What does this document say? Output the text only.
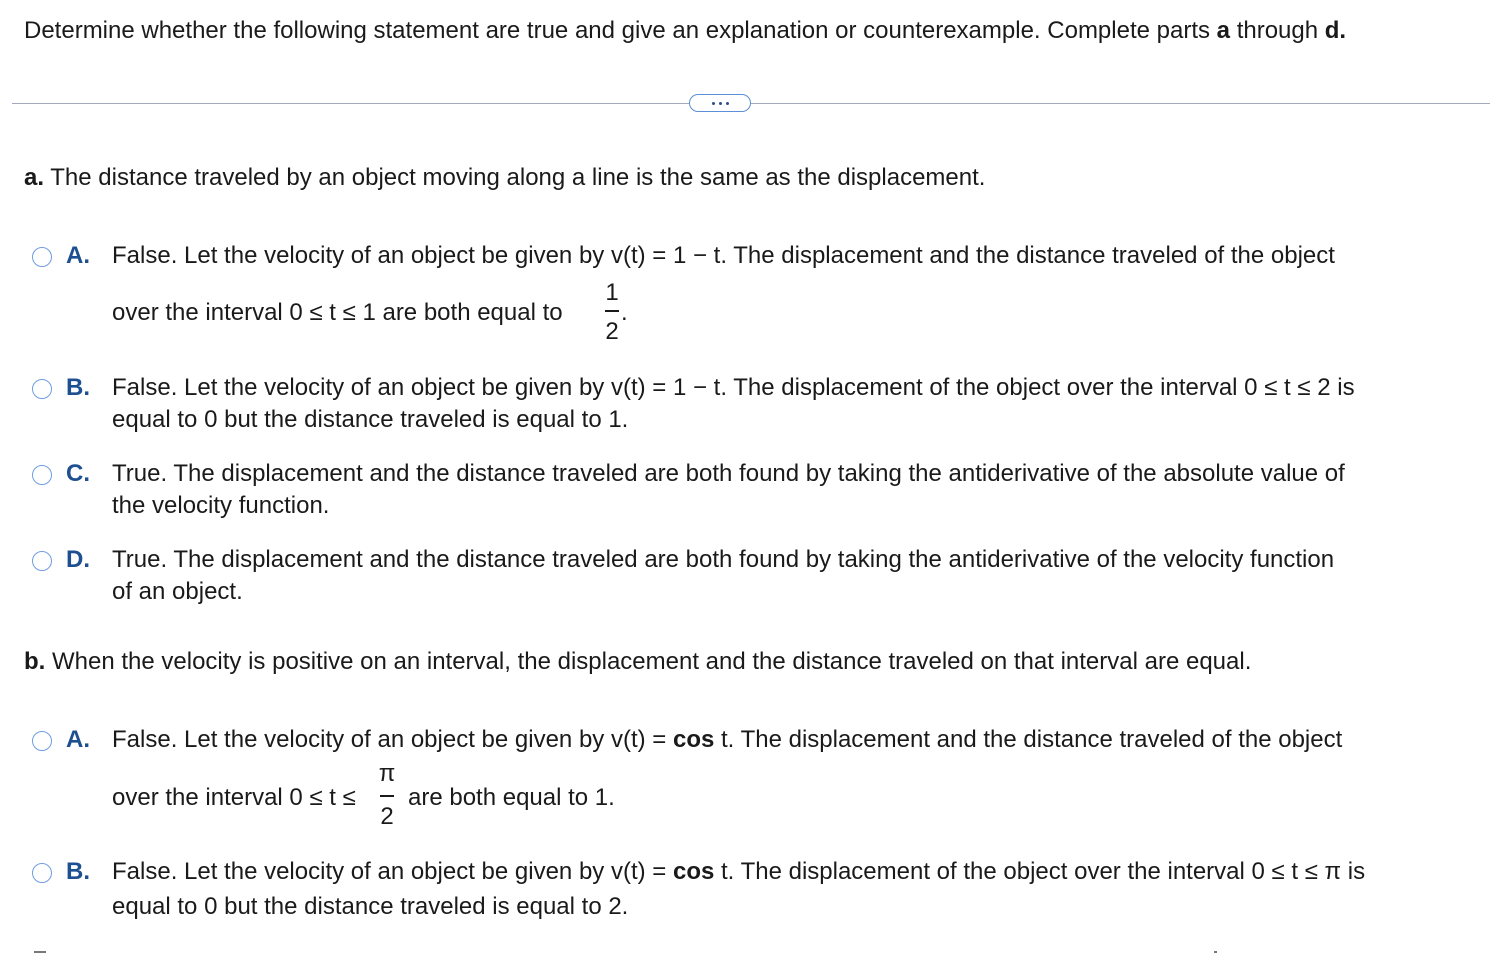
Determine whether the following statement are true and give an explanation or counterexample. Complete parts a through d.
a. The distance traveled by an object moving along a line is the same as the displacement.
A. False. Let the velocity of an object be given by v(t) = 1 − t. The displacement and the distance traveled of the object
over the interval 0 ≤ t ≤ 1 are both equal to
1
2
.
B. False. Let the velocity of an object be given by v(t) = 1 − t. The displacement of the object over the interval 0 ≤ t ≤ 2 is
equal to 0 but the distance traveled is equal to 1.
C. True. The displacement and the distance traveled are both found by taking the antiderivative of the absolute value of
the velocity function.
D. True. The displacement and the distance traveled are both found by taking the antiderivative of the velocity function
of an object.
b. When the velocity is positive on an interval, the displacement and the distance traveled on that interval are equal.
A. False. Let the velocity of an object be given by v(t) = cos t. The displacement and the distance traveled of the object
over the interval 0 ≤ t ≤
π
2
are both equal to 1.
B. False. Let the velocity of an object be given by v(t) = cos t. The displacement of the object over the interval 0 ≤ t ≤ π is
equal to 0 but the distance traveled is equal to 2.
